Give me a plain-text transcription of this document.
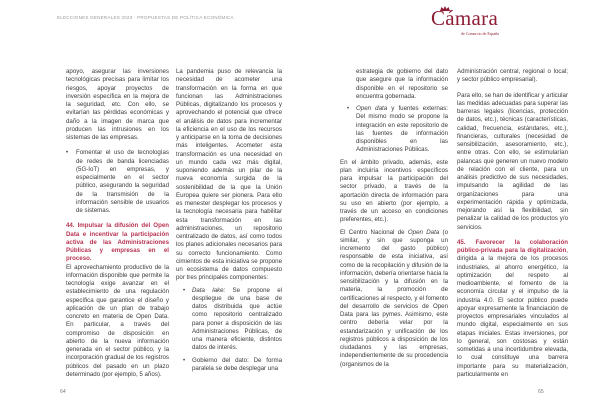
ELECCIONES GENERALES 2023 · PROPUESTAS DE POLÍTICA ECONÓMICA	Cámara
de Comercio de España

apoyo, asegurar las inversiones tecnológicas precisas para limitar los riesgos, apoyar proyectos de inversión específica en la mejora de la seguridad, etc. Con ello, se evitarían las pérdidas económicas y daño a la imagen de marca que producen las intrusiones en los sistemas de las empresas.

• Fomentar el uso de tecnologías de redes de banda licenciadas (5G-IoT) en empresas, y especialmente en el sector público, asegurando la seguridad de la transmisión de la información sensible de usuarios de sistemas.

44. Impulsar la difusión del Open Data e incentivar la participación activa de las Administraciones Públicas y empresas en el proceso.

El aprovechamiento productivo de la información disponible que permite la tecnología exige avanzar en el establecimiento de una regulación específica que garantice el diseño y aplicación de un plan de trabajo concreto en materia de Open Data. En particular, a través del compromiso de disposición en abierto de la nueva información generada en el sector público, y la incorporación gradual de los registros públicos del pasado en un plazo determinado (por ejemplo, 5 años).

La pandemia puso de relevancia la necesidad de acometer una transformación en la forma en que funcionan las Administraciones Públicas, digitalizando los procesos y aprovechando el potencial que ofrece el análisis de datos para incrementar la eficiencia en el uso de los recursos y anticiparse en la toma de decisiones más inteligentes. Acometer esta transformación es una necesidad en un mundo cada vez más digital, suponiendo además un pilar de la nueva economía surgida de la sostenibilidad de la que la Unión Europea quiere ser pionera. Para ello es menester desplegar los procesos y la tecnología necesaria para habilitar esta transformación en las administraciones, un repositorio centralizado de datos, así como todos los planes adicionales necesarios para su correcto funcionamiento. Como cimientos de esta iniciativa se propone un ecosistema de datos compuesto por tres principales componentes:

• Data lake: Se propone el despliegue de una base de datos distribuida que actúe como repositorio centralizado para poner a disposición de las Administraciones Públicas, de una manera eficiente, distintos datos de interés.

• Gobierno del dato: De forma paralela se debe desplegar una

estrategia de gobierno del dato que asegure que la información disponible en el repositorio se encuentra gobernada.

• Open data y fuentes externas: Del mismo modo se propone la integración en este repositorio de las fuentes de información disponibles en las Administraciones Públicas.

En el ámbito privado, además, este plan incluiría incentivos específicos para impulsar la participación del sector privado, a través de la aportación directa de información para su uso en abierto (por ejemplo, a través de un acceso en condiciones preferentes, etc.).

El Centro Nacional de Open Data (o similar, y sin que suponga un incremento del gasto público) responsable de esta iniciativa, así como de la recopilación y difusión de la información, debería orientarse hacia la sensibilización y la difusión en la materia, la promoción de certificaciones al respecto, y el fomento del desarrollo de servicios de Open Data para las pymes. Asimismo, este centro debería velar por la estandarización y unificación de los registros públicos a disposición de los ciudadanos y las empresas, independientemente de su procedencia (organismos de la

Administración central, regional o local; y sector público empresarial).

Para ello, se han de identificar y articular las medidas adecuadas para superar las barreras legales (licencias, protección de datos, etc.), técnicas (características, calidad, frecuencia, estándares, etc.), financieras, culturales (necesidad de sensibilización, asesoramiento, etc.), entre otras. Con ello, se estimularían palancas que generen un nuevo modelo de relación con el cliente, para un análisis predictivo de sus necesidades, impulsando la agilidad de las organizaciones para una experimentación rápida y optimizada, mejorando así la flexibilidad, sin penalizar la calidad de los productos y/o servicios.

45. Favorecer la colaboración público-privada para la digitalización, dirigida a la mejora de los procesos industriales, al ahorro energético, la optimización del respeto al medioambiente, el fomento de la economía circular y el impulso de la industria 4.0. El sector público puede apoyar expresamente la financiación de proyectos empresariales vinculados al mundo digital, especialmente en sus etapas iniciales. Estas inversiones, por lo general, son costosas y están sometidas a una incertidumbre elevada, lo cual constituye una barrera importante para su materialización, particularmente en

64	65
